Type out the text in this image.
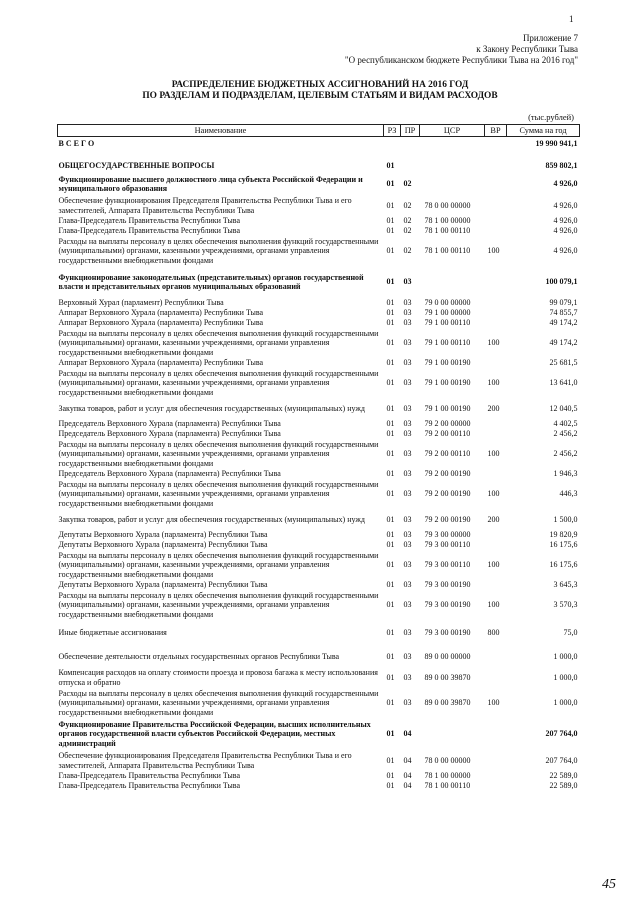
1
Приложение 7
к Закону Республики Тыва
"О республиканском бюджете Республики Тыва на 2016 год"
РАСПРЕДЕЛЕНИЕ БЮДЖЕТНЫХ АССИГНОВАНИЙ НА 2016 ГОД
ПО РАЗДЕЛАМ И ПОДРАЗДЕЛАМ, ЦЕЛЕВЫМ СТАТЬЯМ И ВИДАМ РАСХОДОВ
(тыс.рублей)
Наименование	РЗ	ПР	ЦСР	ВР	Сумма на год
В С Е Г О					19 990 941,1

ОБЩЕГОСУДАРСТВЕННЫЕ ВОПРОСЫ	01				859 802,1
Функционирование высшего должностного лица субъекта Российской Федерации и муниципального образования	01	02			4 926,0
Обеспечение функционирования Председателя Правительства Республики Тыва и его заместителей, Аппарата Правительства Республики Тыва	01	02	78 0 00 00000		4 926,0
Глава-Председатель Правительства Республики Тыва	01	02	78 1 00 00000		4 926,0
Глава-Председатель Правительства Республики Тыва	01	02	78 1 00 00110		4 926,0
Расходы на выплаты персоналу в целях обеспечения выполнения функций государственными (муниципальными) органами, казенными учреждениями, органами управления государственными внебюджетными фондами	01	02	78 1 00 00110	100	4 926,0
Функционирование законодательных (представительных) органов государственной власти и представительных органов муниципальных образований	01	03			100 079,1
Верховный Хурал (парламент) Республики Тыва	01	03	79 0 00 00000		99 079,1
Аппарат Верховного Хурала (парламента) Республики Тыва	01	03	79 1 00 00000		74 855,7
Аппарат Верховного Хурала (парламента) Республики Тыва	01	03	79 1 00 00110		49 174,2
Расходы на выплаты персоналу в целях обеспечения выполнения функций государственными (муниципальными) органами, казенными учреждениями, органами управления государственными внебюджетными фондами	01	03	79 1 00 00110	100	49 174,2
Аппарат Верховного Хурала (парламента) Республики Тыва	01	03	79 1 00 00190		25 681,5
Расходы на выплаты персоналу в целях обеспечения выполнения функций государственными (муниципальными) органами, казенными учреждениями, органами управления государственными внебюджетными фондами	01	03	79 1 00 00190	100	13 641,0
Закупка товаров, работ и услуг для обеспечения государственных (муниципальных) нужд	01	03	79 1 00 00190	200	12 040,5
Председатель Верховного Хурала (парламента) Республики Тыва	01	03	79 2 00 00000		4 402,5
Председатель Верховного Хурала (парламента) Республики Тыва	01	03	79 2 00 00110		2 456,2
Расходы на выплаты персоналу в целях обеспечения выполнения функций государственными (муниципальными) органами, казенными учреждениями, органами управления государственными внебюджетными фондами	01	03	79 2 00 00110	100	2 456,2
Председатель Верховного Хурала (парламента) Республики Тыва	01	03	79 2 00 00190		1 946,3
Расходы на выплаты персоналу в целях обеспечения выполнения функций государственными (муниципальными) органами, казенными учреждениями, органами управления государственными внебюджетными фондами	01	03	79 2 00 00190	100	446,3
Закупка товаров, работ и услуг для обеспечения государственных (муниципальных) нужд	01	03	79 2 00 00190	200	1 500,0
Депутаты Верховного Хурала (парламента) Республики Тыва	01	03	79 3 00 00000		19 820,9
Депутаты Верховного Хурала (парламента) Республики Тыва	01	03	79 3 00 00110		16 175,6
Расходы на выплаты персоналу в целях обеспечения выполнения функций государственными (муниципальными) органами, казенными учреждениями, органами управления государственными внебюджетными фондами	01	03	79 3 00 00110	100	16 175,6
Депутаты Верховного Хурала (парламента) Республики Тыва	01	03	79 3 00 00190		3 645,3
Расходы на выплаты персоналу в целях обеспечения выполнения функций государственными (муниципальными) органами, казенными учреждениями, органами управления государственными внебюджетными фондами	01	03	79 3 00 00190	100	3 570,3
Иные бюджетные ассигнования	01	03	79 3 00 00190	800	75,0
Обеспечение деятельности отдельных государственных органов Республики Тыва	01	03	89 0 00 00000		1 000,0
Компенсация расходов на оплату стоимости проезда и провоза багажа к месту использования отпуска и обратно	01	03	89 0 00 39870		1 000,0
Расходы на выплаты персоналу в целях обеспечения выполнения функций государственными (муниципальными) органами, казенными учреждениями, органами управления государственными внебюджетными фондами	01	03	89 0 00 39870	100	1 000,0
Функционирование Правительства Российской Федерации, высших исполнительных органов государственной власти субъектов Российской Федерации, местных администраций	01	04			207 764,0
Обеспечение функционирования Председателя Правительства Республики Тыва и его заместителей, Аппарата Правительства Республики Тыва	01	04	78 0 00 00000		207 764,0
Глава-Председатель Правительства Республики Тыва	01	04	78 1 00 00000		22 589,0
Глава-Председатель Правительства Республики Тыва	01	04	78 1 00 00110		22 589,0
45
